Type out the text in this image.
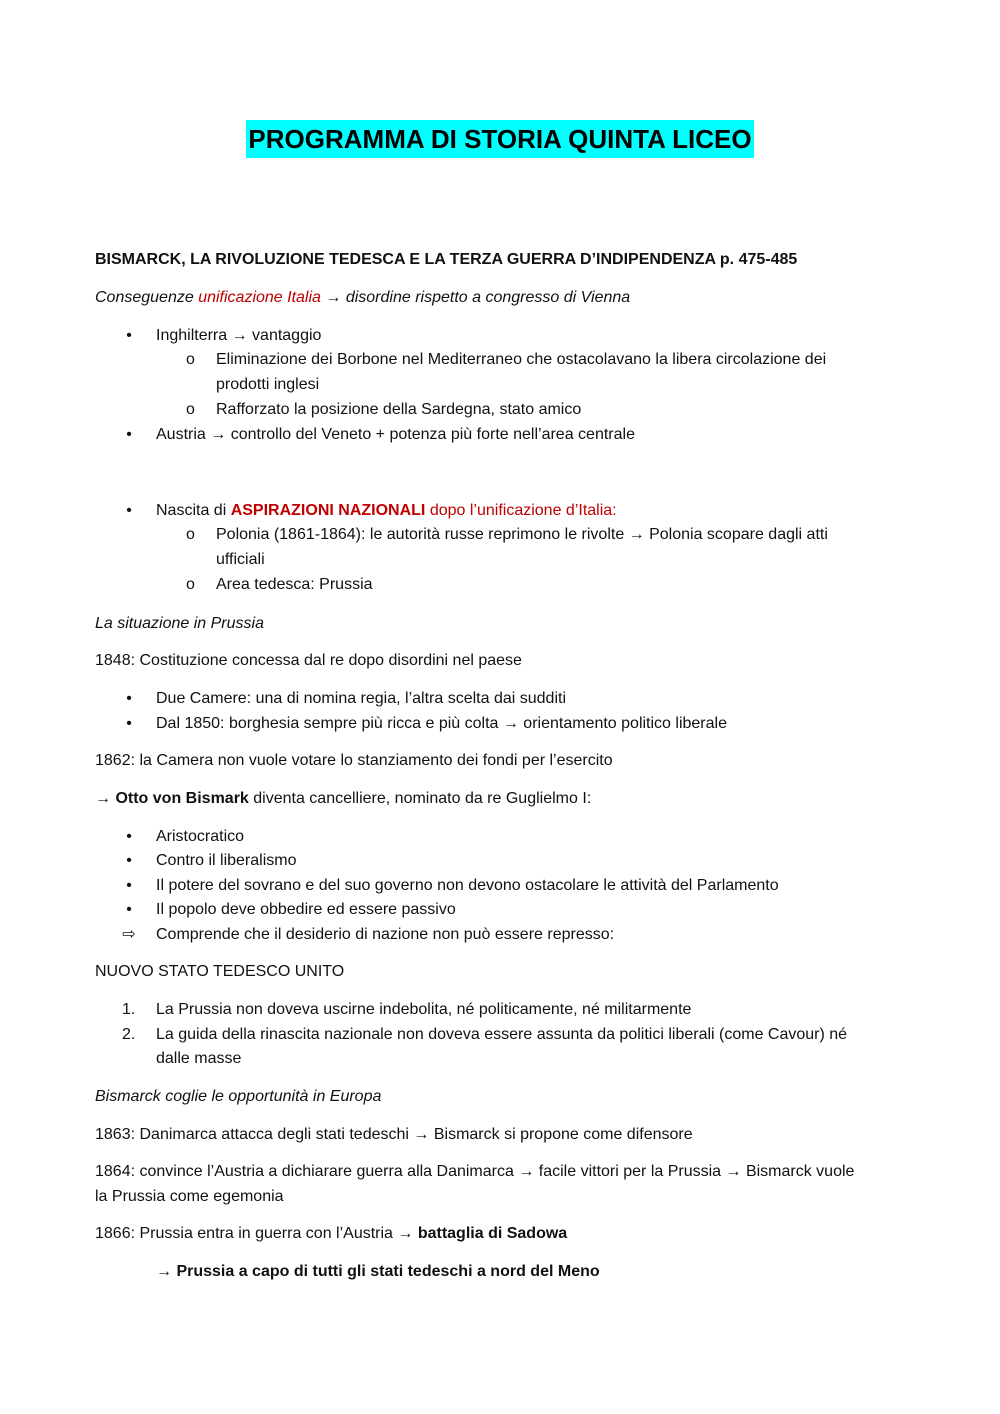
PROGRAMMA DI STORIA QUINTA LICEO
BISMARCK, LA RIVOLUZIONE TEDESCA E LA TERZA GUERRA D’INDIPENDENZA p. 475-485
Conseguenze unificazione Italia → disordine rispetto a congresso di Vienna
• Inghilterra → vantaggio
o Eliminazione dei Borbone nel Mediterraneo che ostacolavano la libera circolazione dei
prodotti inglesi
o Rafforzato la posizione della Sardegna, stato amico
• Austria → controllo del Veneto + potenza più forte nell’area centrale
• Nascita di ASPIRAZIONI NAZIONALI dopo l’unificazione d’Italia:
o Polonia (1861-1864): le autorità russe reprimono le rivolte → Polonia scopare dagli atti
ufficiali
o Area tedesca: Prussia
La situazione in Prussia
1848: Costituzione concessa dal re dopo disordini nel paese
• Due Camere: una di nomina regia, l’altra scelta dai sudditi
• Dal 1850: borghesia sempre più ricca e più colta → orientamento politico liberale
1862: la Camera non vuole votare lo stanziamento dei fondi per l’esercito
→ Otto von Bismark diventa cancelliere, nominato da re Guglielmo I:
• Aristocratico
• Contro il liberalismo
• Il potere del sovrano e del suo governo non devono ostacolare le attività del Parlamento
• Il popolo deve obbedire ed essere passivo
⇨ Comprende che il desiderio di nazione non può essere represso:
NUOVO STATO TEDESCO UNITO
1. La Prussia non doveva uscirne indebolita, né politicamente, né militarmente
2. La guida della rinascita nazionale non doveva essere assunta da politici liberali (come Cavour) né
dalle masse
Bismarck coglie le opportunità in Europa
1863: Danimarca attacca degli stati tedeschi → Bismarck si propone come difensore
1864: convince l’Austria a dichiarare guerra alla Danimarca → facile vittori per la Prussia → Bismarck vuole
la Prussia come egemonia
1866: Prussia entra in guerra con l’Austria → battaglia di Sadowa
→ Prussia a capo di tutti gli stati tedeschi a nord del Meno
